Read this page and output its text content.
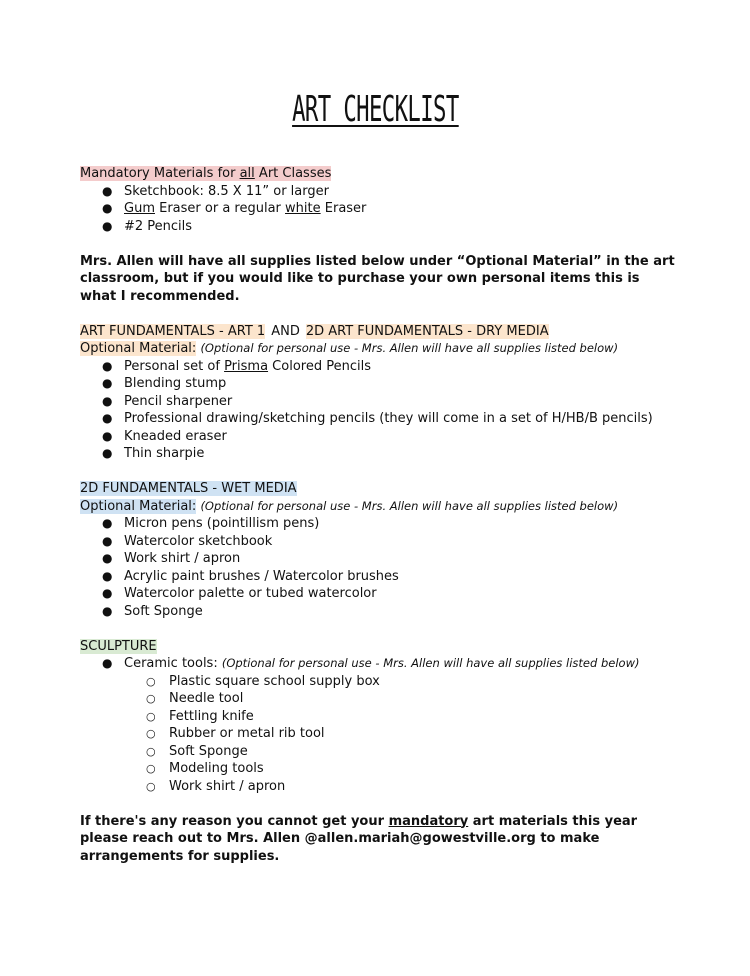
ART CHECKLIST
Mandatory Materials for all Art Classes
● Sketchbook: 8.5 X 11” or larger
● Gum Eraser or a regular white Eraser
● #2 Pencils
Mrs. Allen will have all supplies listed below under “Optional Material” in the art classroom, but if you would like to purchase your own personal items this is what I recommended.
ART FUNDAMENTALS - ART 1 AND 2D ART FUNDAMENTALS - DRY MEDIA
Optional Material: (Optional for personal use - Mrs. Allen will have all supplies listed below)
● Personal set of Prisma Colored Pencils
● Blending stump
● Pencil sharpener
● Professional drawing/sketching pencils (they will come in a set of H/HB/B pencils)
● Kneaded eraser
● Thin sharpie
2D FUNDAMENTALS - WET MEDIA
Optional Material: (Optional for personal use - Mrs. Allen will have all supplies listed below)
● Micron pens (pointillism pens)
● Watercolor sketchbook
● Work shirt / apron
● Acrylic paint brushes / Watercolor brushes
● Watercolor palette or tubed watercolor
● Soft Sponge
SCULPTURE
● Ceramic tools: (Optional for personal use - Mrs. Allen will have all supplies listed below)
○ Plastic square school supply box
○ Needle tool
○ Fettling knife
○ Rubber or metal rib tool
○ Soft Sponge
○ Modeling tools
○ Work shirt / apron
If there's any reason you cannot get your mandatory art materials this year please reach out to Mrs. Allen @allen.mariah@gowestville.org to make arrangements for supplies.
